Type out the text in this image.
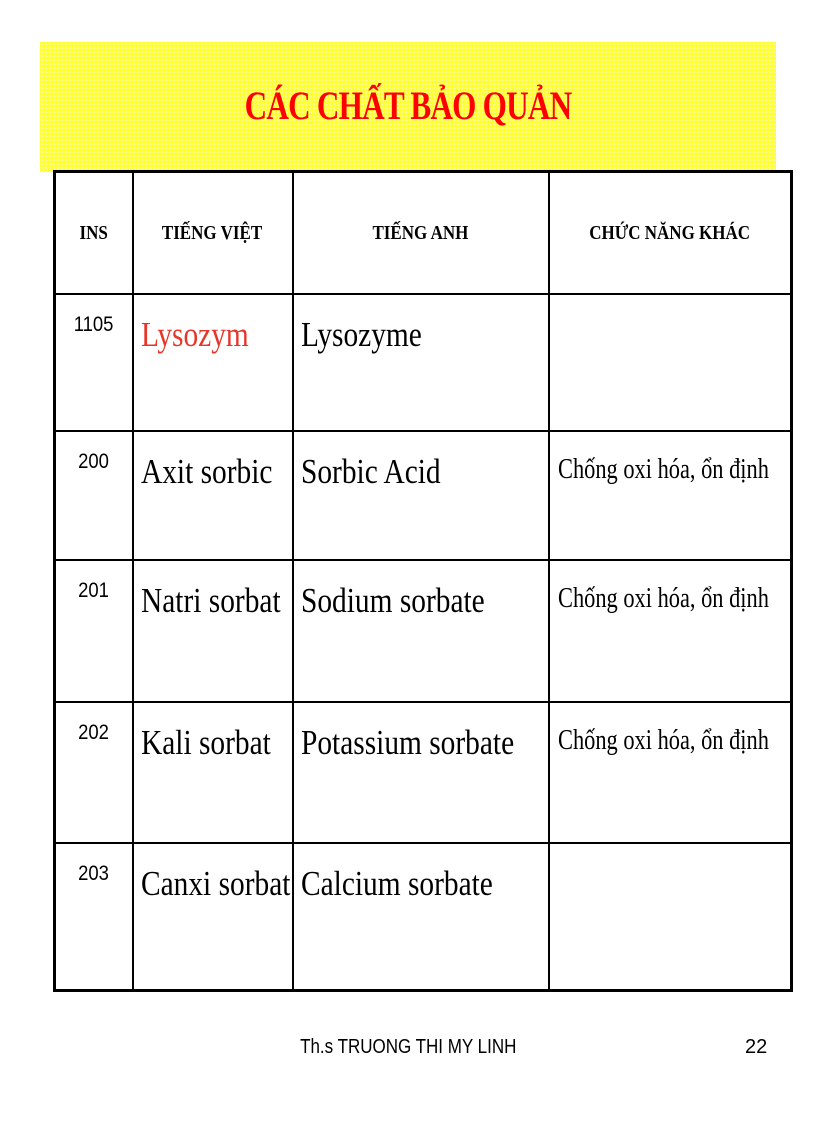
CÁC CHẤT BẢO QUẢN
INS	TIẾNG VIỆT	TIẾNG ANH	CHỨC NĂNG KHÁC
1105	Lysozym	Lysozyme	
200	Axit sorbic	Sorbic Acid	Chống oxi hóa, ổn định
201	Natri sorbat	Sodium sorbate	Chống oxi hóa, ổn định
202	Kali sorbat	Potassium sorbate	Chống oxi hóa, ổn định
203	Canxi sorbat	Calcium sorbate	
Th.s TRUONG THI MY LINH	22
